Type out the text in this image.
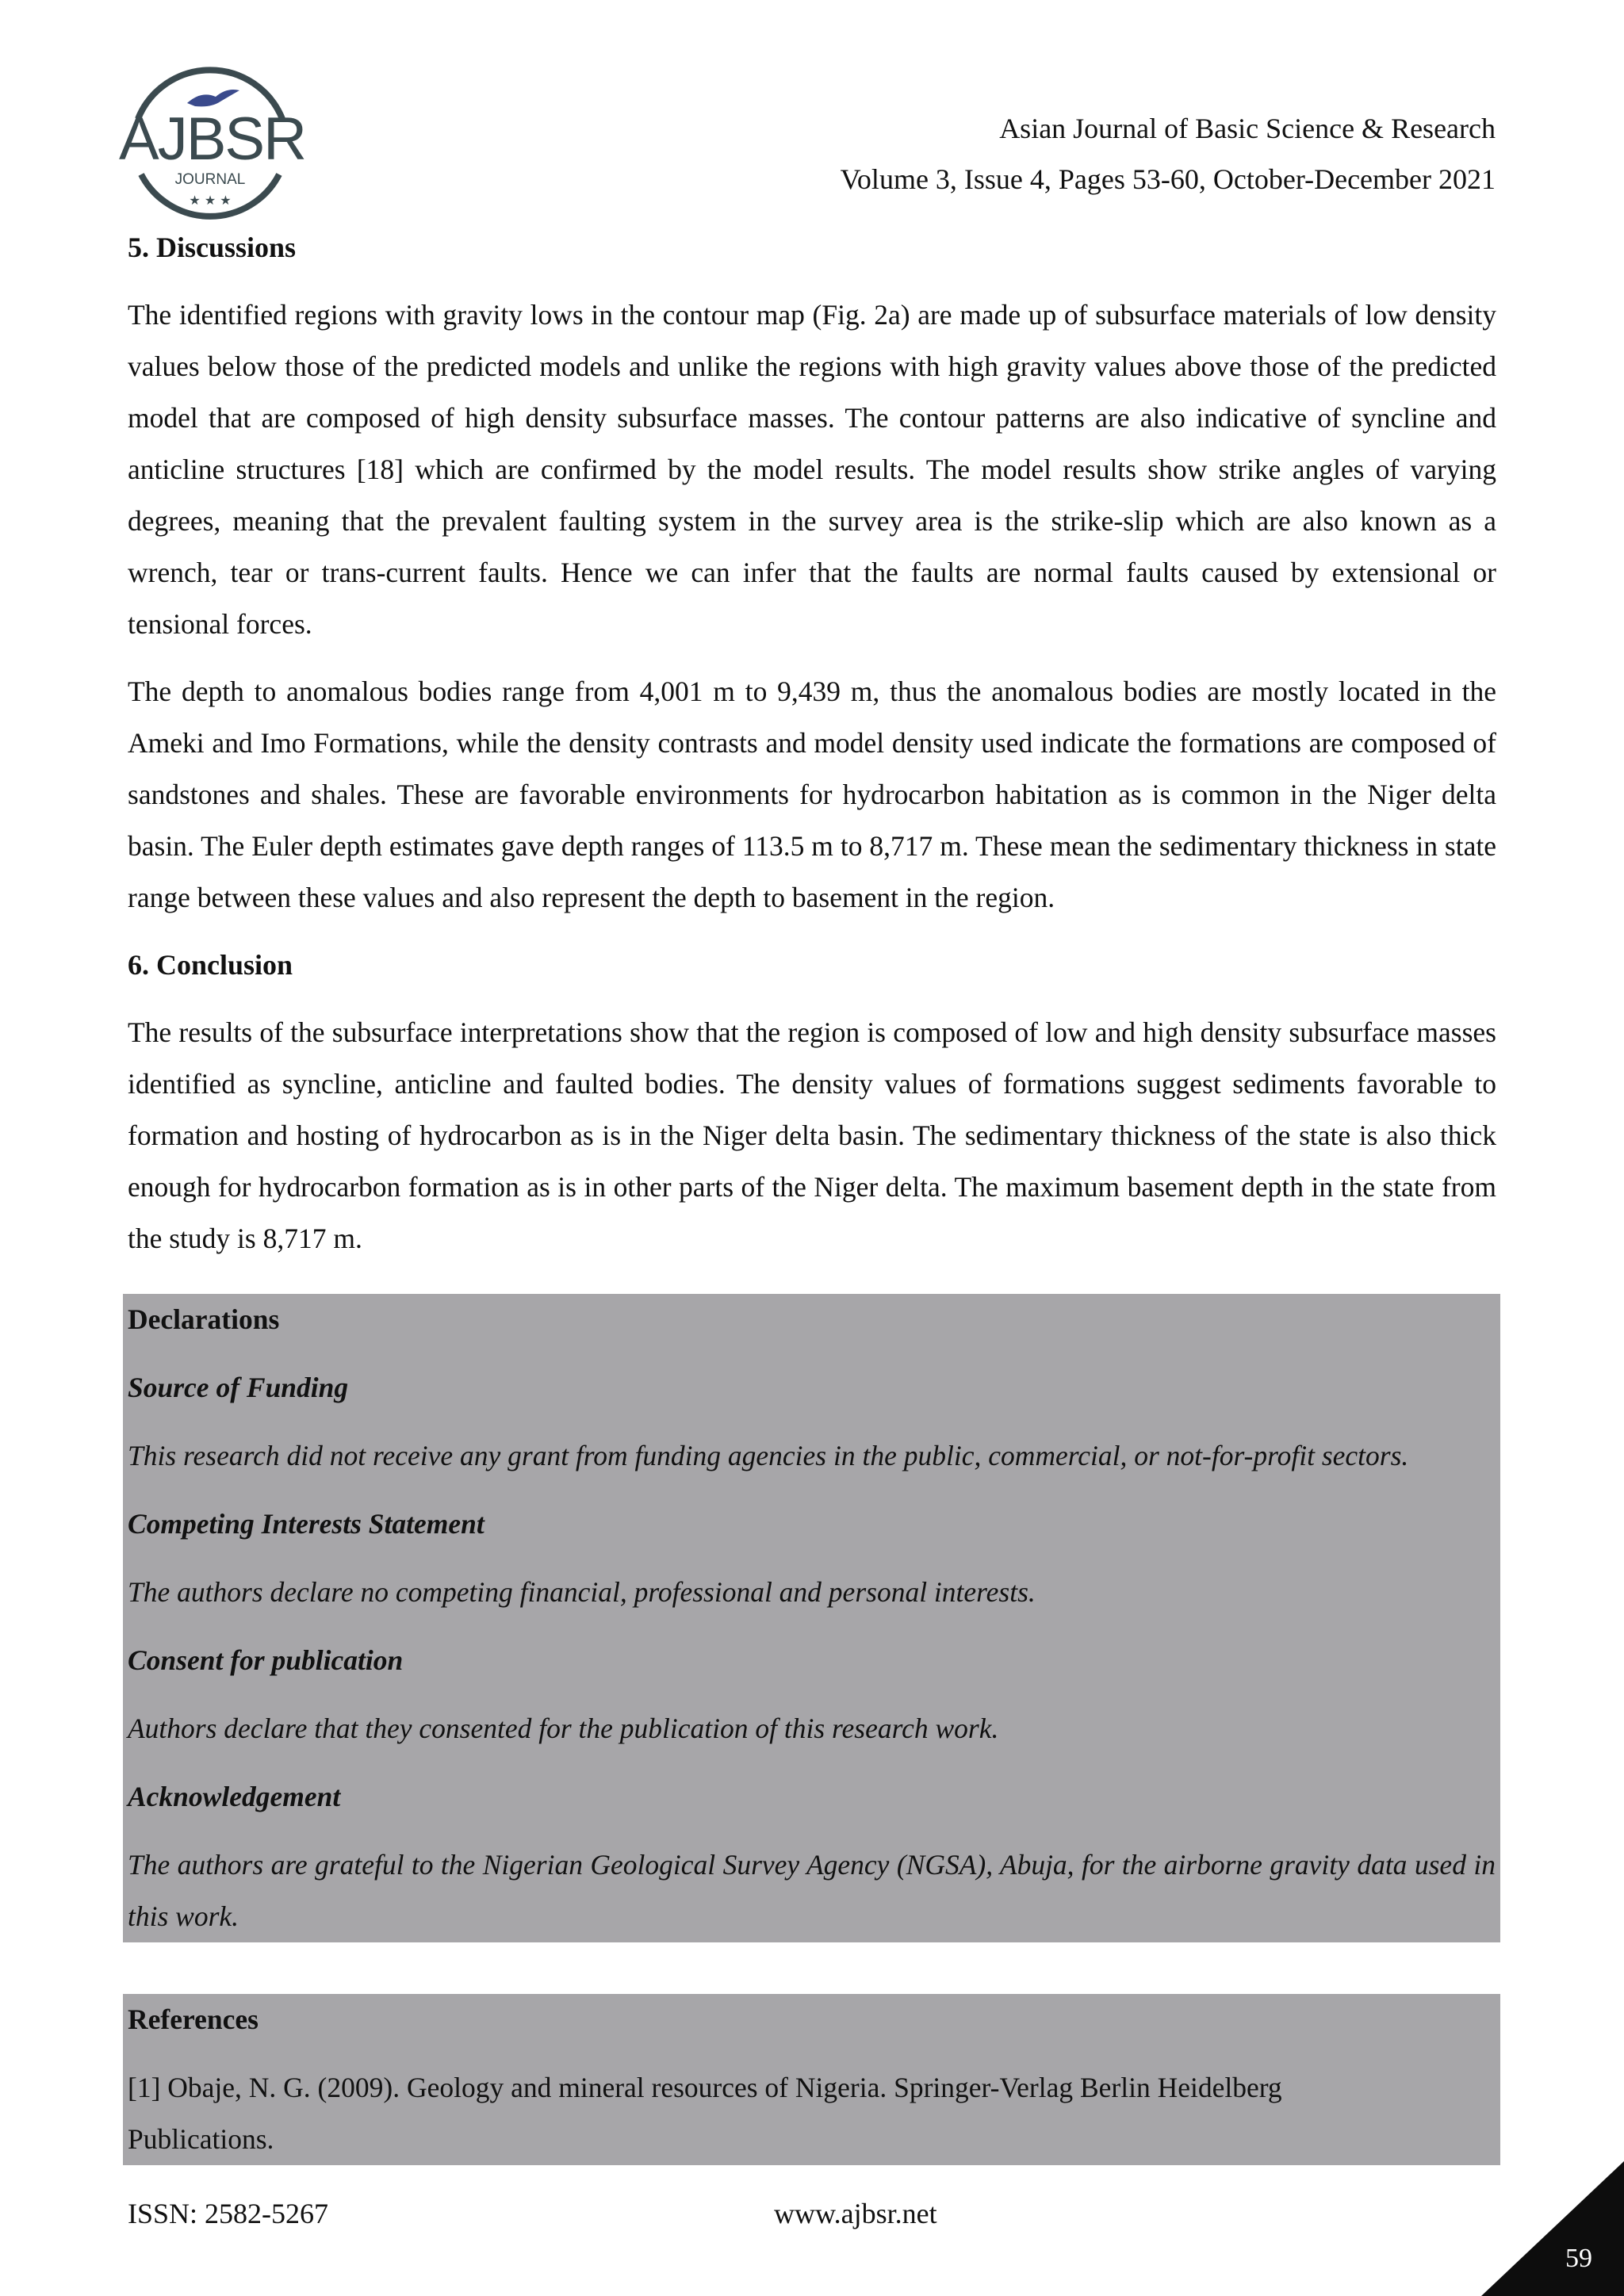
★ ★ ★
AJBSR
JOURNAL
Asian Journal of Basic Science & Research
Volume 3, Issue 4, Pages 53-60, October-December 2021
5. Discussions

The identified regions with gravity lows in the contour map (Fig. 2a) are made up of subsurface materials of low density values below those of the predicted models and unlike the regions with high gravity values above those of the predicted model that are composed of high density subsurface masses. The contour patterns are also indicative of syncline and anticline structures [18] which are confirmed by the model results. The model results show strike angles of varying degrees, meaning that the prevalent faulting system in the survey area is the strike-slip which are also known as a wrench, tear or trans-current faults. Hence we can infer that the faults are normal faults caused by extensional or tensional forces.

The depth to anomalous bodies range from 4,001 m to 9,439 m, thus the anomalous bodies are mostly located in the Ameki and Imo Formations, while the density contrasts and model density used indicate the formations are composed of sandstones and shales. These are favorable environments for hydrocarbon habitation as is common in the Niger delta basin. The Euler depth estimates gave depth ranges of 113.5 m to 8,717 m. These mean the sedimentary thickness in state range between these values and also represent the depth to basement in the region.

6. Conclusion

The results of the subsurface interpretations show that the region is composed of low and high density subsurface masses identified as syncline, anticline and faulted bodies. The density values of formations suggest sediments favorable to formation and hosting of hydrocarbon as is in the Niger delta basin. The sedimentary thickness of the state is also thick enough for hydrocarbon formation as is in other parts of the Niger delta. The maximum basement depth in the state from the study is 8,717 m.

Declarations
Source of Funding
This research did not receive any grant from funding agencies in the public, commercial, or not-for-profit sectors.
Competing Interests Statement
The authors declare no competing financial, professional and personal interests.
Consent for publication
Authors declare that they consented for the publication of this research work.
Acknowledgement

The authors are grateful to the Nigerian Geological Survey Agency (NGSA), Abuja, for the airborne gravity data used in this work.

References
[1] Obaje, N. G. (2009). Geology and mineral resources of Nigeria. Springer-Verlag Berlin Heidelberg Publications.
ISSN: 2582-5267	www.ajbsr.net
59
